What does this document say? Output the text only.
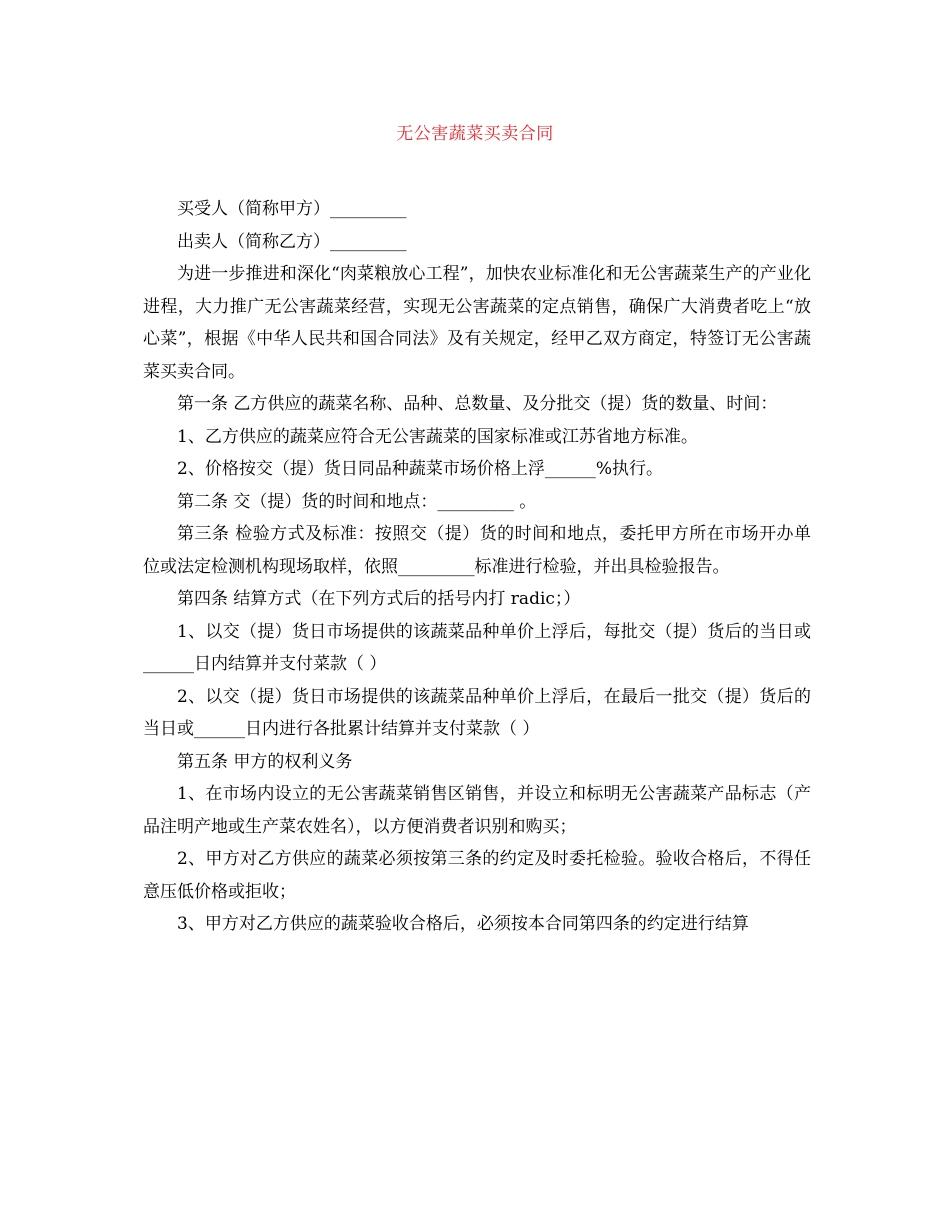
无公害蔬菜买卖合同

买受人（简称甲方）_________

出卖人（简称乙方）_________

为进一步推进和深化“肉菜粮放心工程”，加快农业标准化和无公害蔬菜生产的产业化进程，大力推广无公害蔬菜经营，实现无公害蔬菜的定点销售，确保广大消费者吃上“放心菜”，根据《中华人民共和国合同法》及有关规定，经甲乙双方商定，特签订无公害蔬菜买卖合同。

第一条 乙方供应的蔬菜名称、品种、总数量、及分批交（提）货的数量、时间：

1、乙方供应的蔬菜应符合无公害蔬菜的国家标准或江苏省地方标准。

2、价格按交（提）货日同品种蔬菜市场价格上浮______%执行。

第二条 交（提）货的时间和地点：_________ 。

第三条 检验方式及标准：按照交（提）货的时间和地点，委托甲方所在市场开办单位或法定检测机构现场取样，依照_________标准进行检验，并出具检验报告。

第四条 结算方式（在下列方式后的括号内打 radic；）

1、以交（提）货日市场提供的该蔬菜品种单价上浮后，每批交（提）货后的当日或 ______日内结算并支付菜款（ ）

2、以交（提）货日市场提供的该蔬菜品种单价上浮后，在最后一批交（提）货后的当日或______日内进行各批累计结算并支付菜款（ ）

第五条 甲方的权利义务

1、在市场内设立的无公害蔬菜销售区销售，并设立和标明无公害蔬菜产品标志（产品注明产地或生产菜农姓名），以方便消费者识别和购买；

2、甲方对乙方供应的蔬菜必须按第三条的约定及时委托检验。验收合格后，不得任意压低价格或拒收；

3、甲方对乙方供应的蔬菜验收合格后，必须按本合同第四条的约定进行结算
